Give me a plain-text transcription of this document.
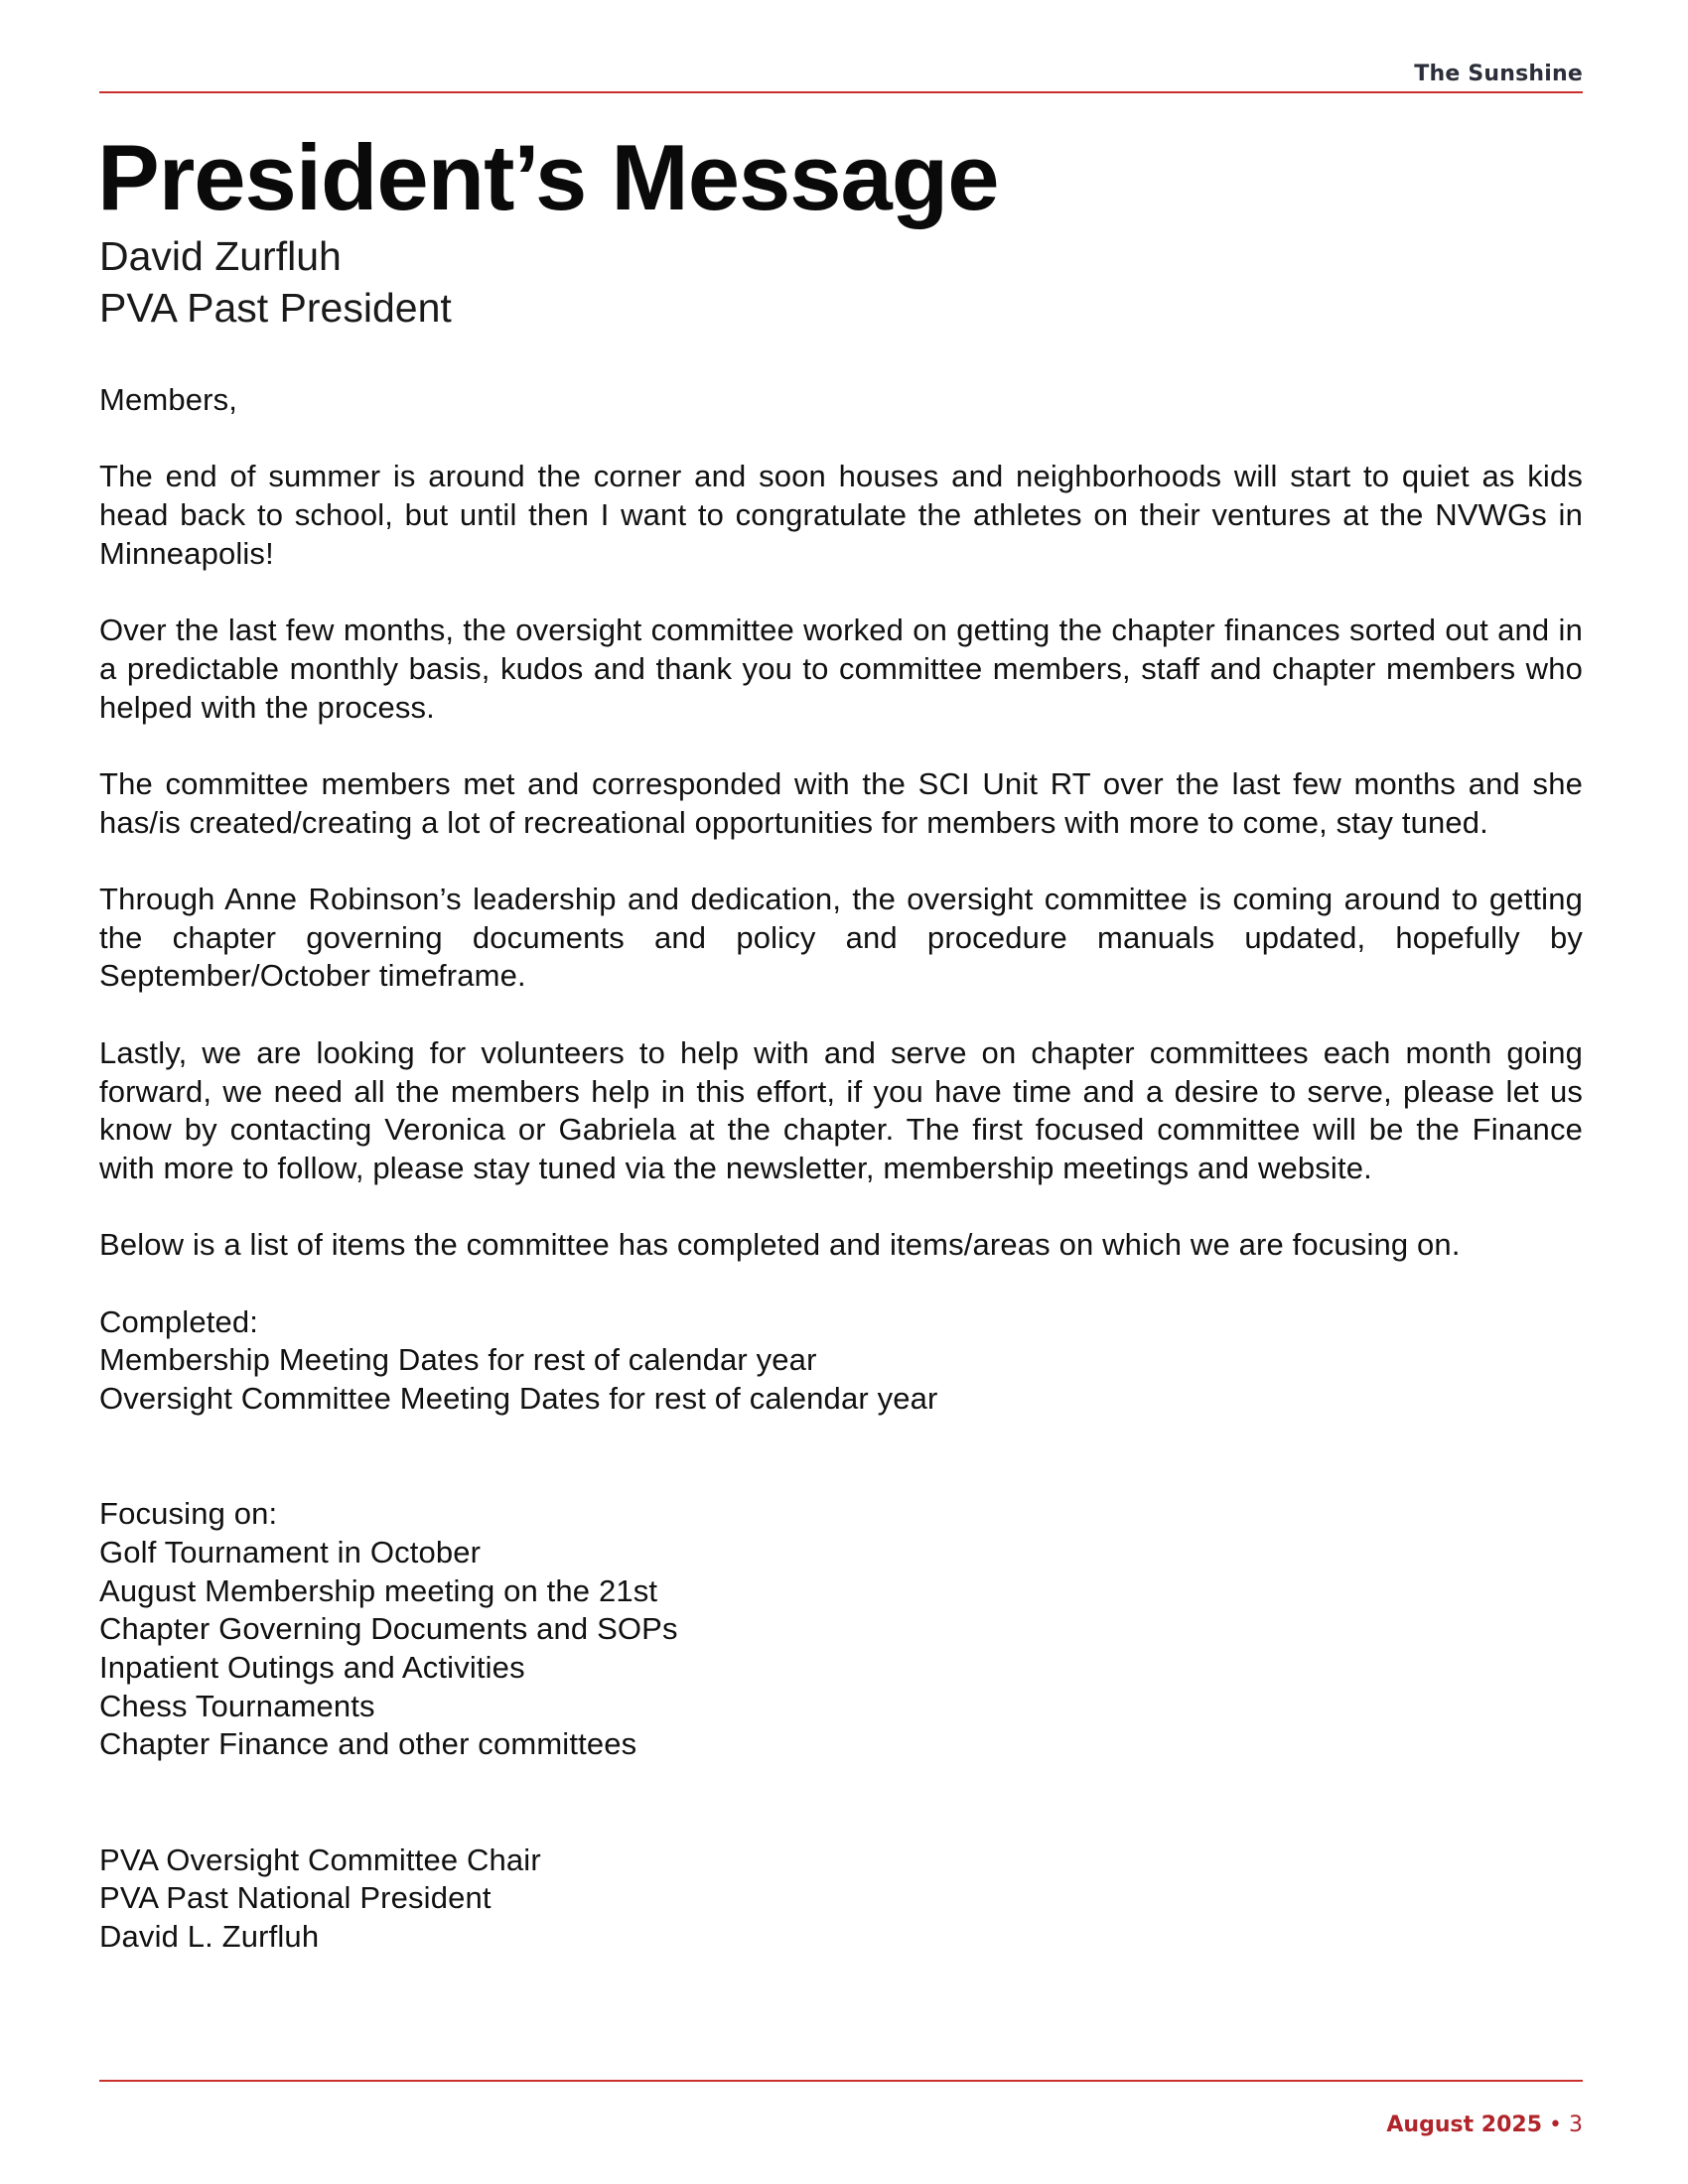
The Sunshine
President’s Message
David Zurfluh
PVA Past President

Members,

The end of summer is around the corner and soon houses and neighborhoods will start to quiet as kids head back to school, but until then I want to congratulate the athletes on their ventures at the NVWGs in Minneapolis!

Over the last few months, the oversight committee worked on getting the chapter finances sorted out and in a predictable monthly basis, kudos and thank you to committee members, staff and chapter members who helped with the process.

The committee members met and corresponded with the SCI Unit RT over the last few months and she has/is created/creating a lot of recreational opportunities for members with more to come, stay tuned.

Through Anne Robinson’s leadership and dedication, the oversight committee is coming around to getting the chapter governing documents and policy and procedure manuals updated, hopefully by September/October timeframe.

Lastly, we are looking for volunteers to help with and serve on chapter committees each month going forward, we need all the members help in this effort, if you have time and a desire to serve, please let us know by contacting Veronica or Gabriela at the chapter. The first focused committee will be the Finance with more to follow, please stay tuned via the newsletter, membership meetings and website.

Below is a list of items the committee has completed and items/areas on which we are focusing on.

Completed:
Membership Meeting Dates for rest of calendar year
Oversight Committee Meeting Dates for rest of calendar year
Focusing on:
Golf Tournament in October
August Membership meeting on the 21st
Chapter Governing Documents and SOPs
Inpatient Outings and Activities
Chess Tournaments
Chapter Finance and other committees
PVA Oversight Committee Chair
PVA Past National President
David L. Zurfluh
August 2025 • 3
